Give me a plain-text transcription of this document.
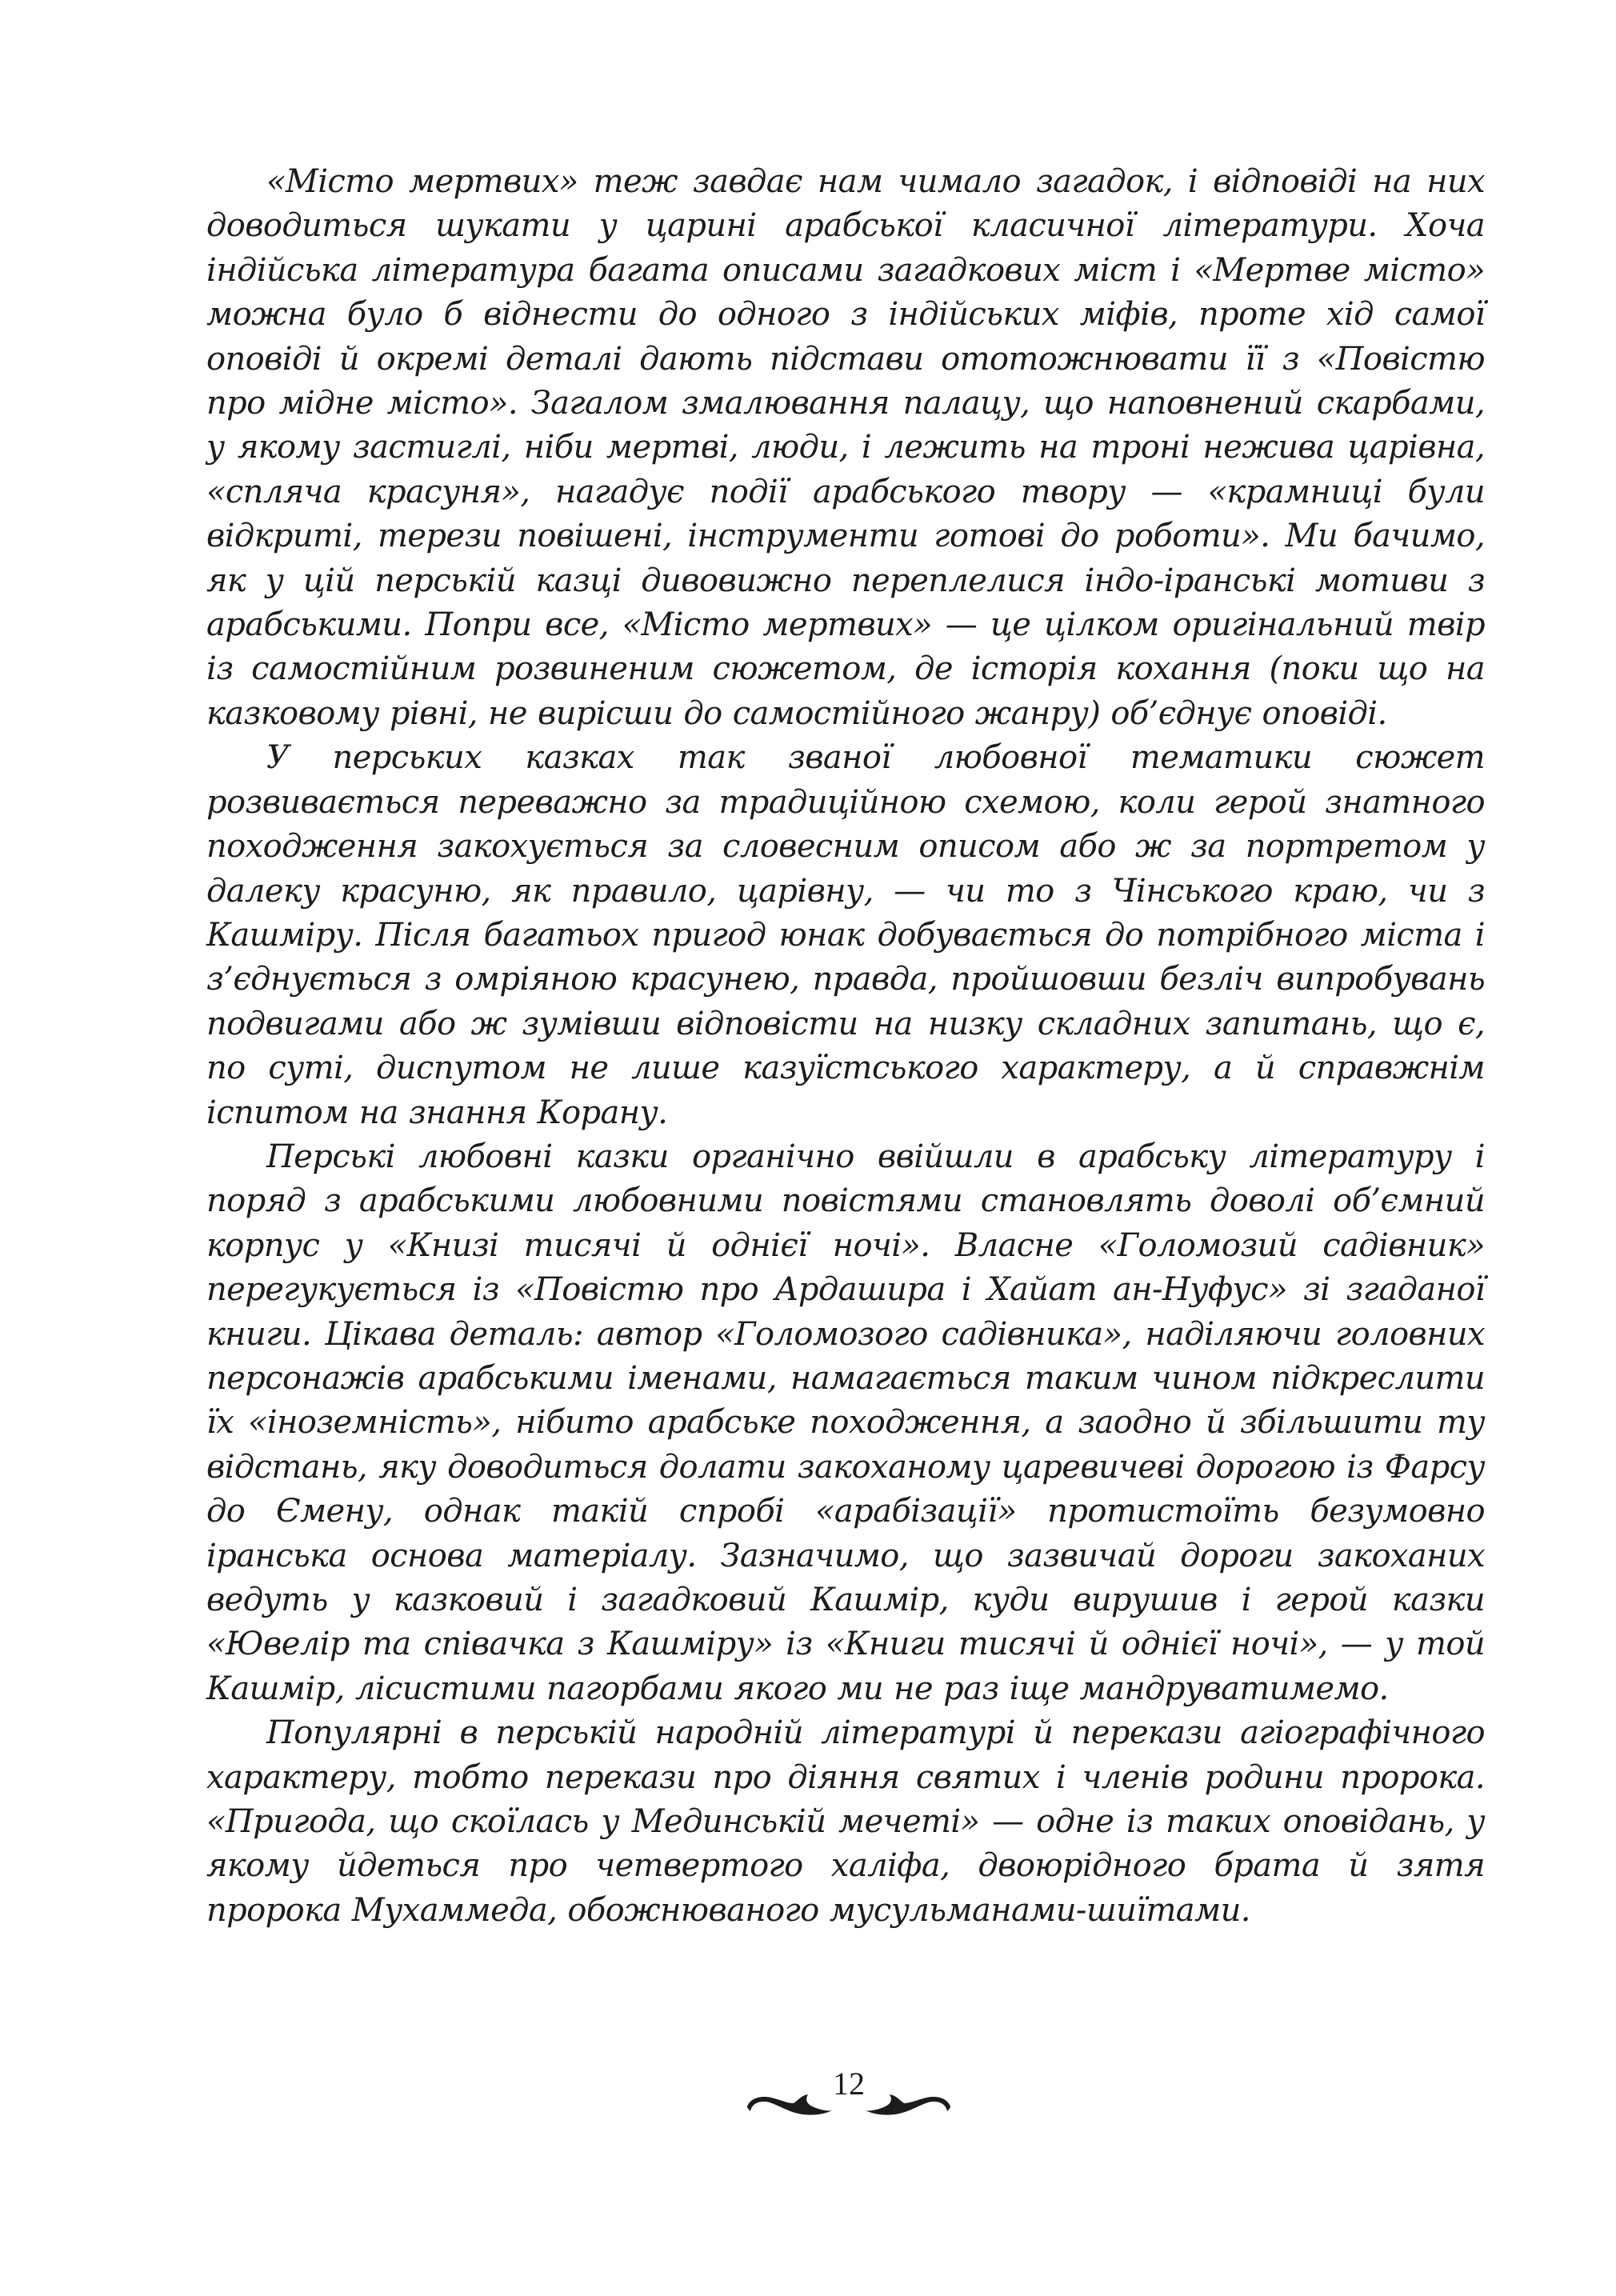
«Місто мертвих» теж завдає нам чимало загадок, і відповіді на них доводиться шукати у царині арабської класичної літератури. Хоча індійська література багата описами загадкових міст і «Мертве місто» можна було б віднести до одного з індійських міфів, проте хід самої оповіді й окремі деталі дають підстави ототожнювати її з «Повістю про мідне місто». Загалом змалювання палацу, що наповнений скарбами, у якому застиглі, ніби мертві, люди, і лежить на троні нежива царівна, «спляча красуня», нагадує події арабського твору — «крамниці були відкриті, терези повішені, інструменти готові до роботи». Ми бачимо, як у цій перській казці дивовижно переплелися індо-іранські мотиви з арабськими. Попри все, «Місто мертвих» — це цілком оригінальний твір із самостійним розвиненим сюжетом, де історія кохання (поки що на казковому рівні, не вирісши до самостійного жанру) об’єднує оповіді.

У перських казках так званої любовної тематики сюжет розвивається переважно за традиційною схемою, коли герой знатного походження закохується за словесним описом або ж за портретом у далеку красуню, як правило, царівну, — чи то з Чінського краю, чи з Кашміру. Після багатьох пригод юнак добувається до потрібного міста і з’єднується з омріяною красунею, правда, пройшовши безліч випробувань подвигами або ж зумівши відповісти на низку складних запитань, що є, по суті, диспутом не лише казуїстського характеру, а й справжнім іспитом на знання Корану.

Перські любовні казки органічно ввійшли в арабську літературу і поряд з арабськими любовними повістями становлять доволі об’ємний корпус у «Книзі тисячі й однієї ночі». Власне «Голомозий садівник» перегукується із «Повістю про Ардашира і Хайат ан-Нуфус» зі згаданої книги. Цікава деталь: автор «Голомозого садівника», наділяючи головних персонажів арабськими іменами, намагається таким чином підкреслити їх «іноземність», нібито арабське походження, а заодно й збільшити ту відстань, яку доводиться долати закоханому царевичеві дорогою із Фарсу до Ємену, однак такій спробі «арабізації» протистоїть безумовно іранська основа матеріалу. Зазначимо, що зазвичай дороги закоханих ведуть у казковий і загадковий Кашмір, куди вирушив і герой казки «Ювелір та співачка з Кашміру» із «Книги тисячі й однієї ночі», — у той Кашмір, лісистими пагорбами якого ми не раз іще мандруватимемо.

Популярні в перській народній літературі й перекази агіографічного характеру, тобто перекази про діяння святих і членів родини пророка. «Пригода, що скоїлась у Мединській мечеті» — одне із таких оповідань, у якому йдеться про четвертого халіфа, двоюрідного брата й зятя пророка Мухаммеда, обожнюваного мусульманами-шиїтами.

12
